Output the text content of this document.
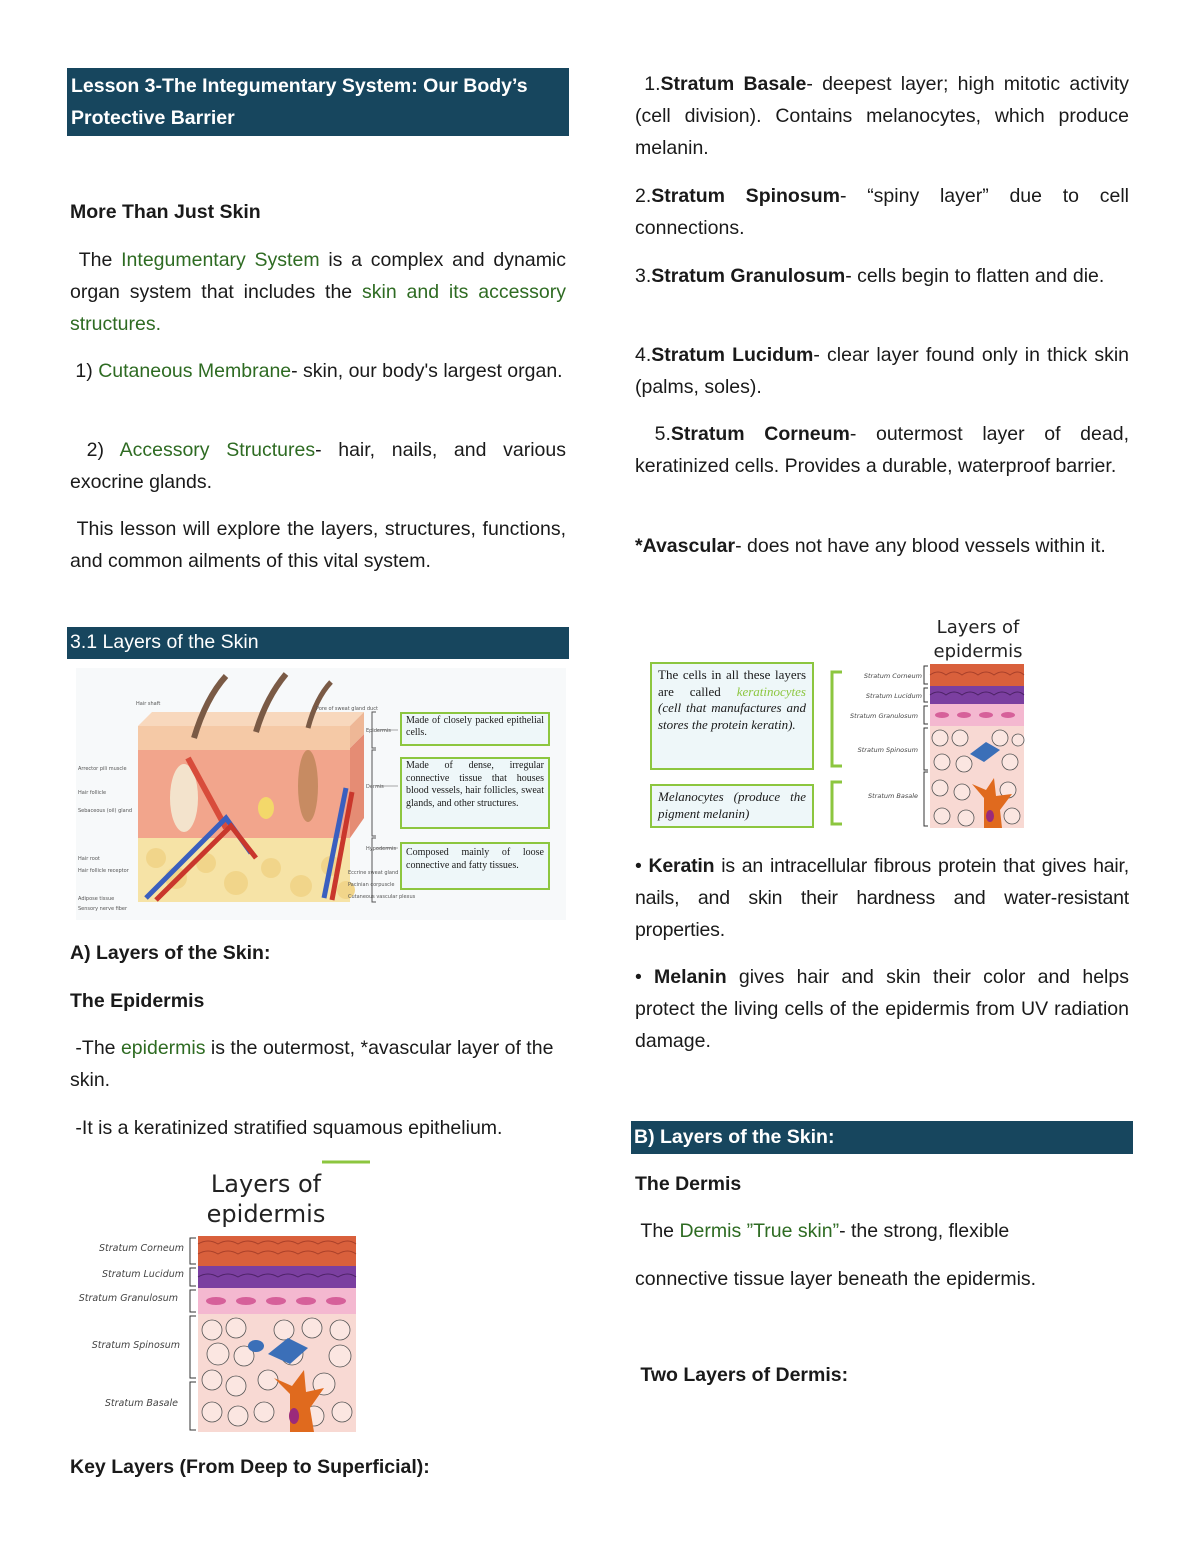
Lesson 3-The Integumentary System: Our Body’s Protective Barrier

More Than Just Skin

The Integumentary System is a complex and dynamic organ system that includes the skin and its accessory structures.

1) Cutaneous Membrane- skin, our body's largest organ.

2) Accessory Structures- hair, nails, and various exocrine glands.

This lesson will explore the layers, structures, functions, and common ailments of this vital system.

3.1 Layers of the Skin
Hair shaft
Pore of sweat gland duct
Epidermis
Dermis
Hypodermis
Arrector pili muscle
Hair follicle
Sebaceous (oil) gland
Hair root
Hair follicle receptor
Adipose tissue
Sensory nerve fiber
Eccrine sweat gland
Pacinian corpuscle
Cutaneous vascular plexus
Made of closely packed epithelial cells.
Made of dense, irregular connective tissue that houses blood vessels, hair follicles, sweat glands, and other structures.
Composed mainly of loose connective and fatty tissues.

A) Layers of the Skin:

The Epidermis

-The epidermis is the outermost, *avascular layer of the skin.

-It is a keratinized stratified squamous epithelium.

Layers of
epidermis
Stratum Corneum
Stratum Lucidum
Stratum Granulosum
Stratum Spinosum
Stratum Basale

Key Layers (From Deep to Superficial):

1.Stratum Basale- deepest layer; high mitotic activity (cell division). Contains melanocytes, which produce melanin.

2.Stratum Spinosum- “spiny layer” due to cell connections.

3.Stratum Granulosum- cells begin to flatten and die.

4.Stratum Lucidum- clear layer found only in thick skin (palms, soles).

5.Stratum Corneum- outermost layer of dead, keratinized cells. Provides a durable, waterproof barrier.

*Avascular- does not have any blood vessels within it.

Layers of
epidermis
Stratum Corneum
Stratum Lucidum
Stratum Granulosum
Stratum Spinosum
Stratum Basale
The cells in all these layers are called keratinocytes (cell that manufactures and stores the protein keratin).
Melanocytes (produce the pigment melanin)

• Keratin is an intracellular fibrous protein that gives hair, nails, and skin their hardness and water-resistant properties.

• Melanin gives hair and skin their color and helps protect the living cells of the epidermis from UV radiation damage.

B) Layers of the Skin:

The Dermis

The Dermis ”True skin”- the strong, flexible

connective tissue layer beneath the epidermis.

Two Layers of Dermis:
